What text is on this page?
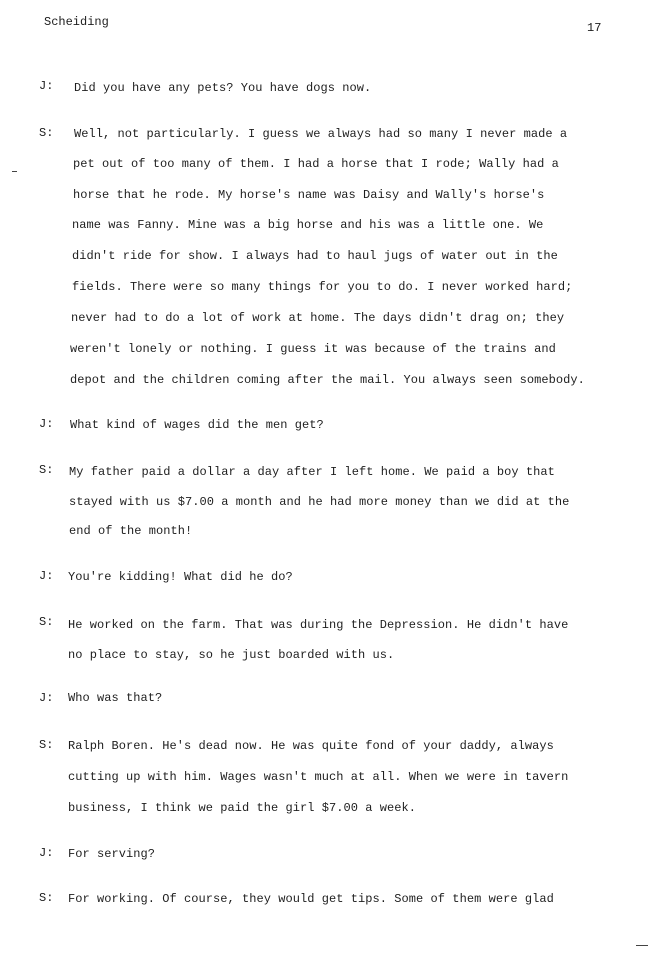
Scheiding	17
J: Did you have any pets? You have dogs now.
S: Well, not particularly. I guess we always had so many I never made a
pet out of too many of them. I had a horse that I rode; Wally had a
horse that he rode. My horse's name was Daisy and Wally's horse's
name was Fanny. Mine was a big horse and his was a little one. We
didn't ride for show. I always had to haul jugs of water out in the
fields. There were so many things for you to do. I never worked hard;
never had to do a lot of work at home. The days didn't drag on; they
weren't lonely or nothing. I guess it was because of the trains and
depot and the children coming after the mail. You always seen somebody.
J: What kind of wages did the men get?
S: My father paid a dollar a day after I left home. We paid a boy that
stayed with us $7.00 a month and he had more money than we did at the
end of the month!
J: You're kidding! What did he do?
S: He worked on the farm. That was during the Depression. He didn't have
no place to stay, so he just boarded with us.
J: Who was that?
S: Ralph Boren. He's dead now. He was quite fond of your daddy, always
cutting up with him. Wages wasn't much at all. When we were in tavern
business, I think we paid the girl $7.00 a week.
J: For serving?
S: For working. Of course, they would get tips. Some of them were glad
